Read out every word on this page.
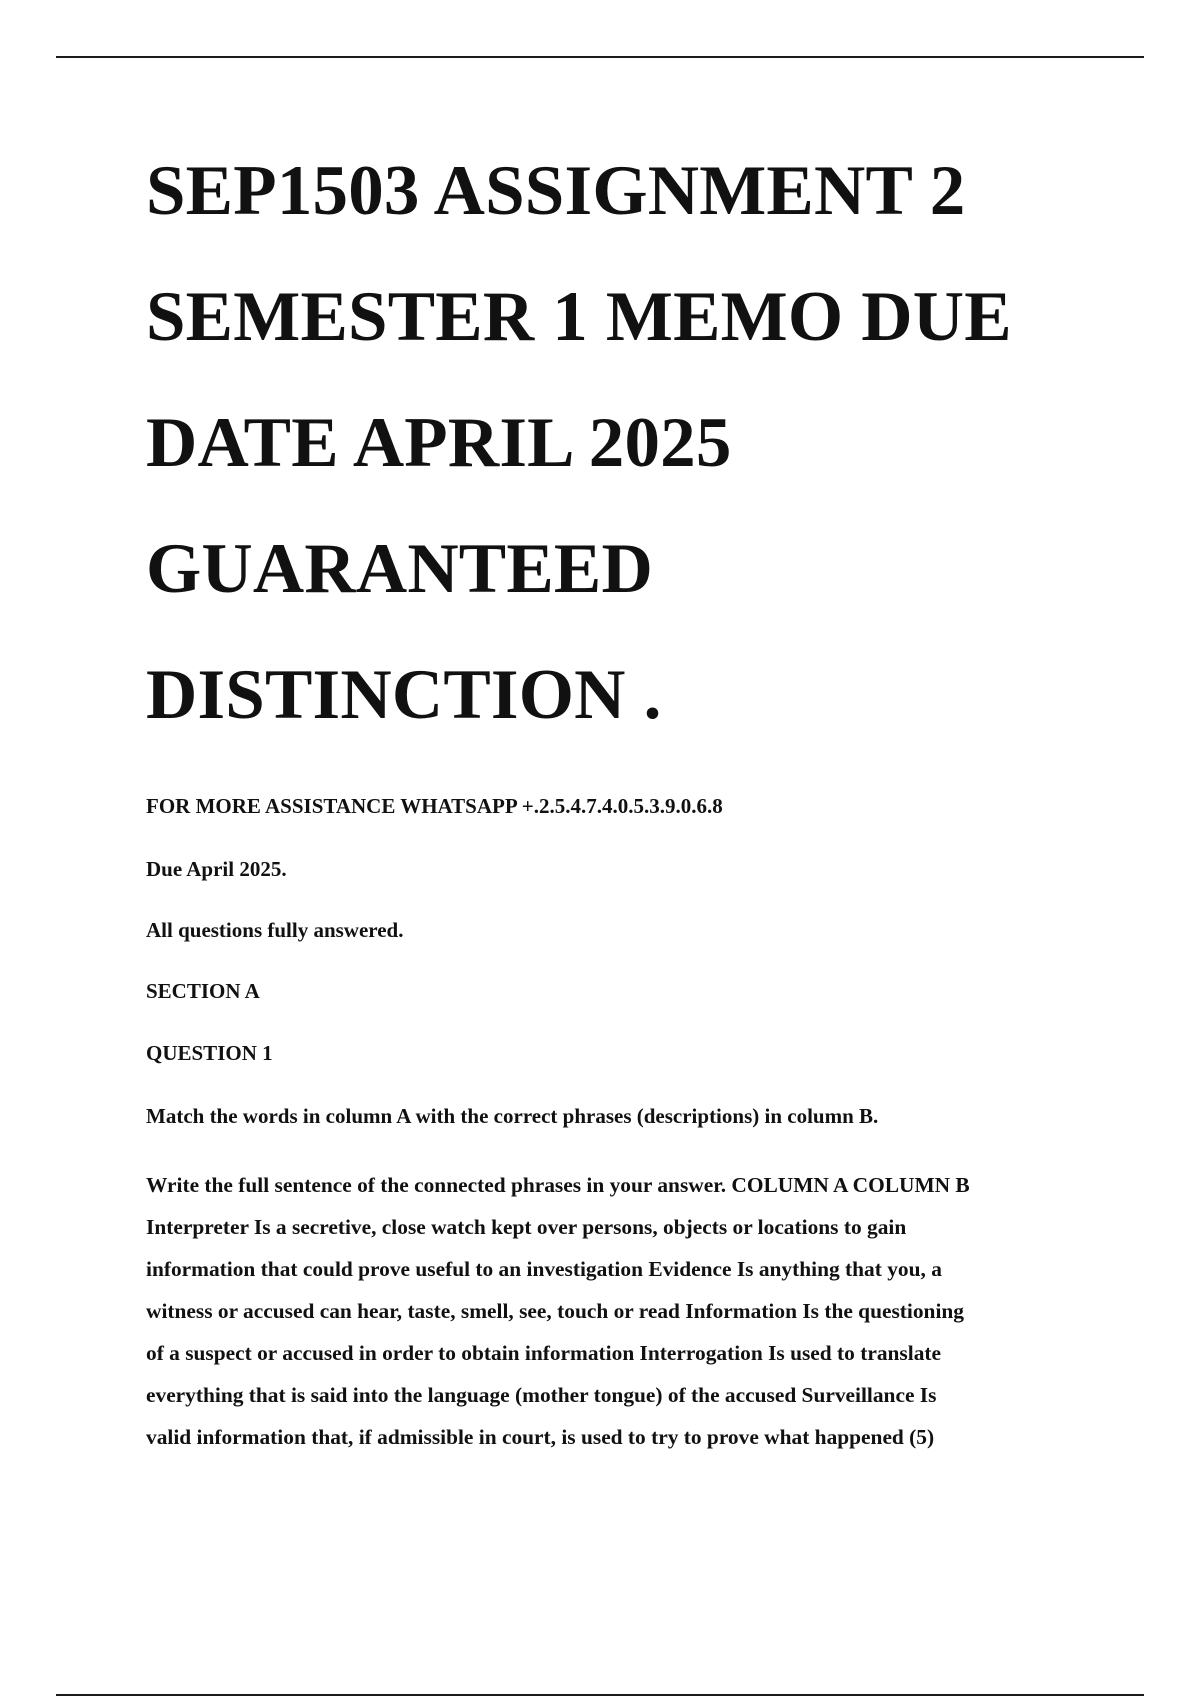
SEP1503 ASSIGNMENT 2
SEMESTER 1 MEMO DUE
DATE APRIL 2025
GUARANTEED
DISTINCTION .

FOR MORE ASSISTANCE WHATSAPP +.2.5.4.7.4.0.5.3.9.0.6.8

Due April 2025.

All questions fully answered.

SECTION A

QUESTION 1

Match the words in column A with the correct phrases (descriptions) in column B.

Write the full sentence of the connected phrases in your answer. COLUMN A COLUMN B
Interpreter Is a secretive, close watch kept over persons, objects or locations to gain
information that could prove useful to an investigation Evidence Is anything that you, a
witness or accused can hear, taste, smell, see, touch or read Information Is the questioning
of a suspect or accused in order to obtain information Interrogation Is used to translate
everything that is said into the language (mother tongue) of the accused Surveillance Is
valid information that, if admissible in court, is used to try to prove what happened (5)
